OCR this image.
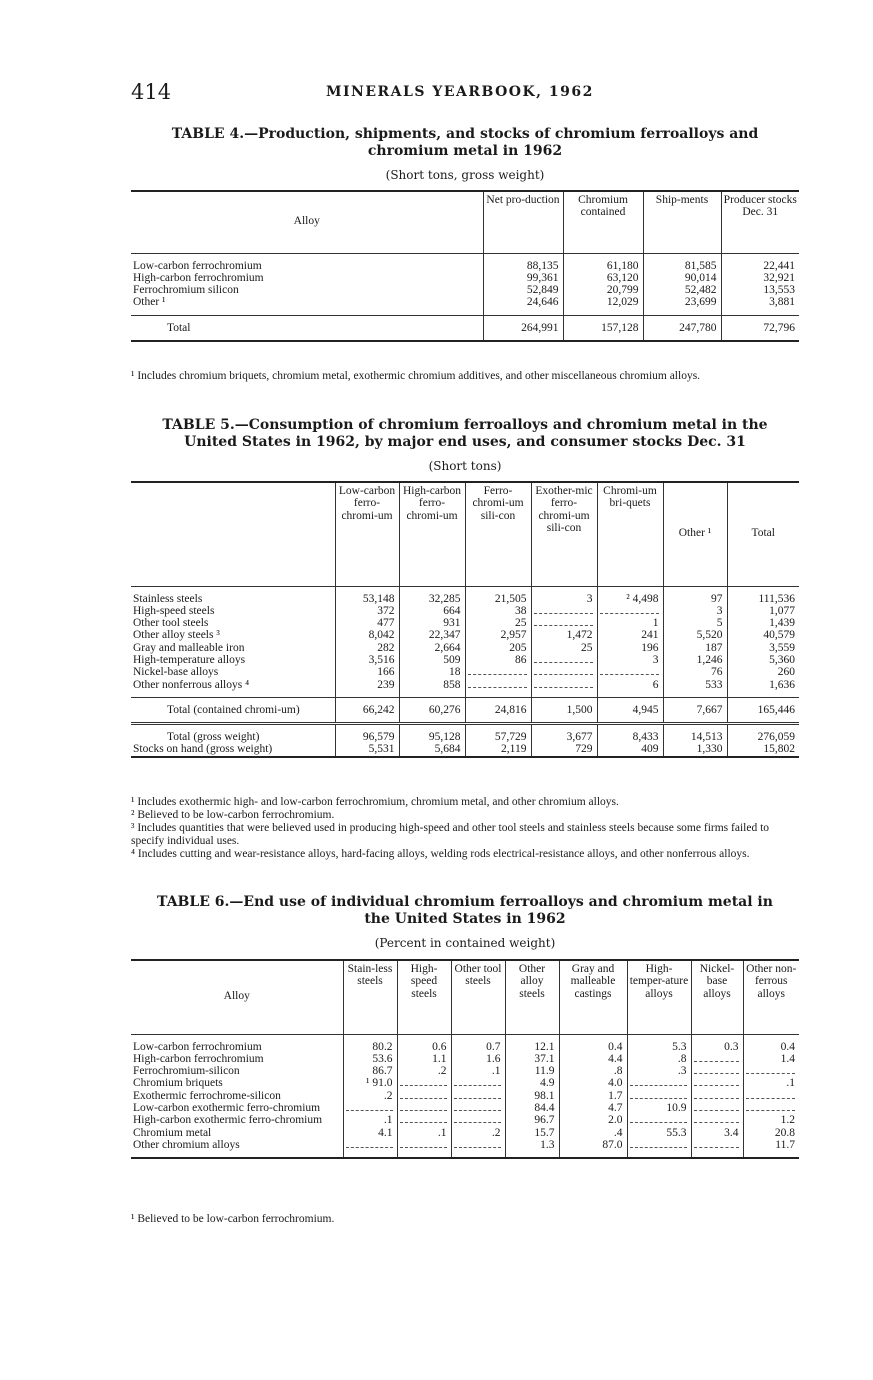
414	MINERALS YEARBOOK, 1962
TABLE 4.—Production, shipments, and stocks of chromium ferroalloys and
chromium metal in 1962
(Short tons, gross weight)
Alloy	Net pro-duction	Chromium contained	Ship-ments	Producer stocks Dec. 31

Low-carbon ferrochromium	88,135	61,180	81,585	22,441
High-carbon ferrochromium	99,361	63,120	90,014	32,921
Ferrochromium silicon	52,849	20,799	52,482	13,553
Other ¹	24,646	12,029	23,699	3,881

Total	264,991	157,128	247,780	72,796
¹ Includes chromium briquets, chromium metal, exothermic chromium additives, and other miscellaneous chromium alloys.
TABLE 5.—Consumption of chromium ferroalloys and chromium metal in the
United States in 1962, by major end uses, and consumer stocks Dec. 31
(Short tons)
	Low-carbon ferro-chromi-um	High-carbon ferro-chromi-um	Ferro-chromi-um sili-con	Exother-mic ferro-chromi-um sili-con	Chromi-um bri-quets	Other ¹	Total

Stainless steels	53,148	32,285	21,505	3	² 4,498	97	111,536
High-speed steels	372	664	38			3	1,077
Other tool steels	477	931	25		1	5	1,439
Other alloy steels ³	8,042	22,347	2,957	1,472	241	5,520	40,579
Gray and malleable iron	282	2,664	205	25	196	187	3,559
High-temperature alloys	3,516	509	86		3	1,246	5,360
Nickel-base alloys	166	18				76	260
Other nonferrous alloys ⁴	239	858			6	533	1,636

Total (contained chromi-um)	66,242	60,276	24,816	1,500	4,945	7,667	165,446

Total (gross weight)	96,579	95,128	57,729	3,677	8,433	14,513	276,059
Stocks on hand (gross weight)	5,531	5,684	2,119	729	409	1,330	15,802
¹ Includes exothermic high- and low-carbon ferrochromium, chromium metal, and other chromium alloys.
² Believed to be low-carbon ferrochromium.
³ Includes quantities that were believed used in producing high-speed and other tool steels and stainless steels because some firms failed to specify individual uses.
⁴ Includes cutting and wear-resistance alloys, hard-facing alloys, welding rods electrical-resistance alloys, and other nonferrous alloys.
TABLE 6.—End use of individual chromium ferroalloys and chromium metal in
the United States in 1962
(Percent in contained weight)
Alloy	Stain-less steels	High-speed steels	Other tool steels	Other alloy steels	Gray and malleable castings	High-temper-ature alloys	Nickel-base alloys	Other non-ferrous alloys

Low-carbon ferrochromium	80.2	0.6	0.7	12.1	0.4	5.3	0.3	0.4
High-carbon ferrochromium	53.6	1.1	1.6	37.1	4.4	.8		1.4
Ferrochromium-silicon	86.7	.2	.1	11.9	.8	.3		
Chromium briquets	¹ 91.0			4.9	4.0			.1
Exothermic ferrochrome-silicon	.2			98.1	1.7			
Low-carbon exothermic ferro-chromium				84.4	4.7	10.9		
High-carbon exothermic ferro-chromium	.1			96.7	2.0			1.2
Chromium metal	4.1	.1	.2	15.7	.4	55.3	3.4	20.8
Other chromium alloys				1.3	87.0			11.7

¹ Believed to be low-carbon ferrochromium.
